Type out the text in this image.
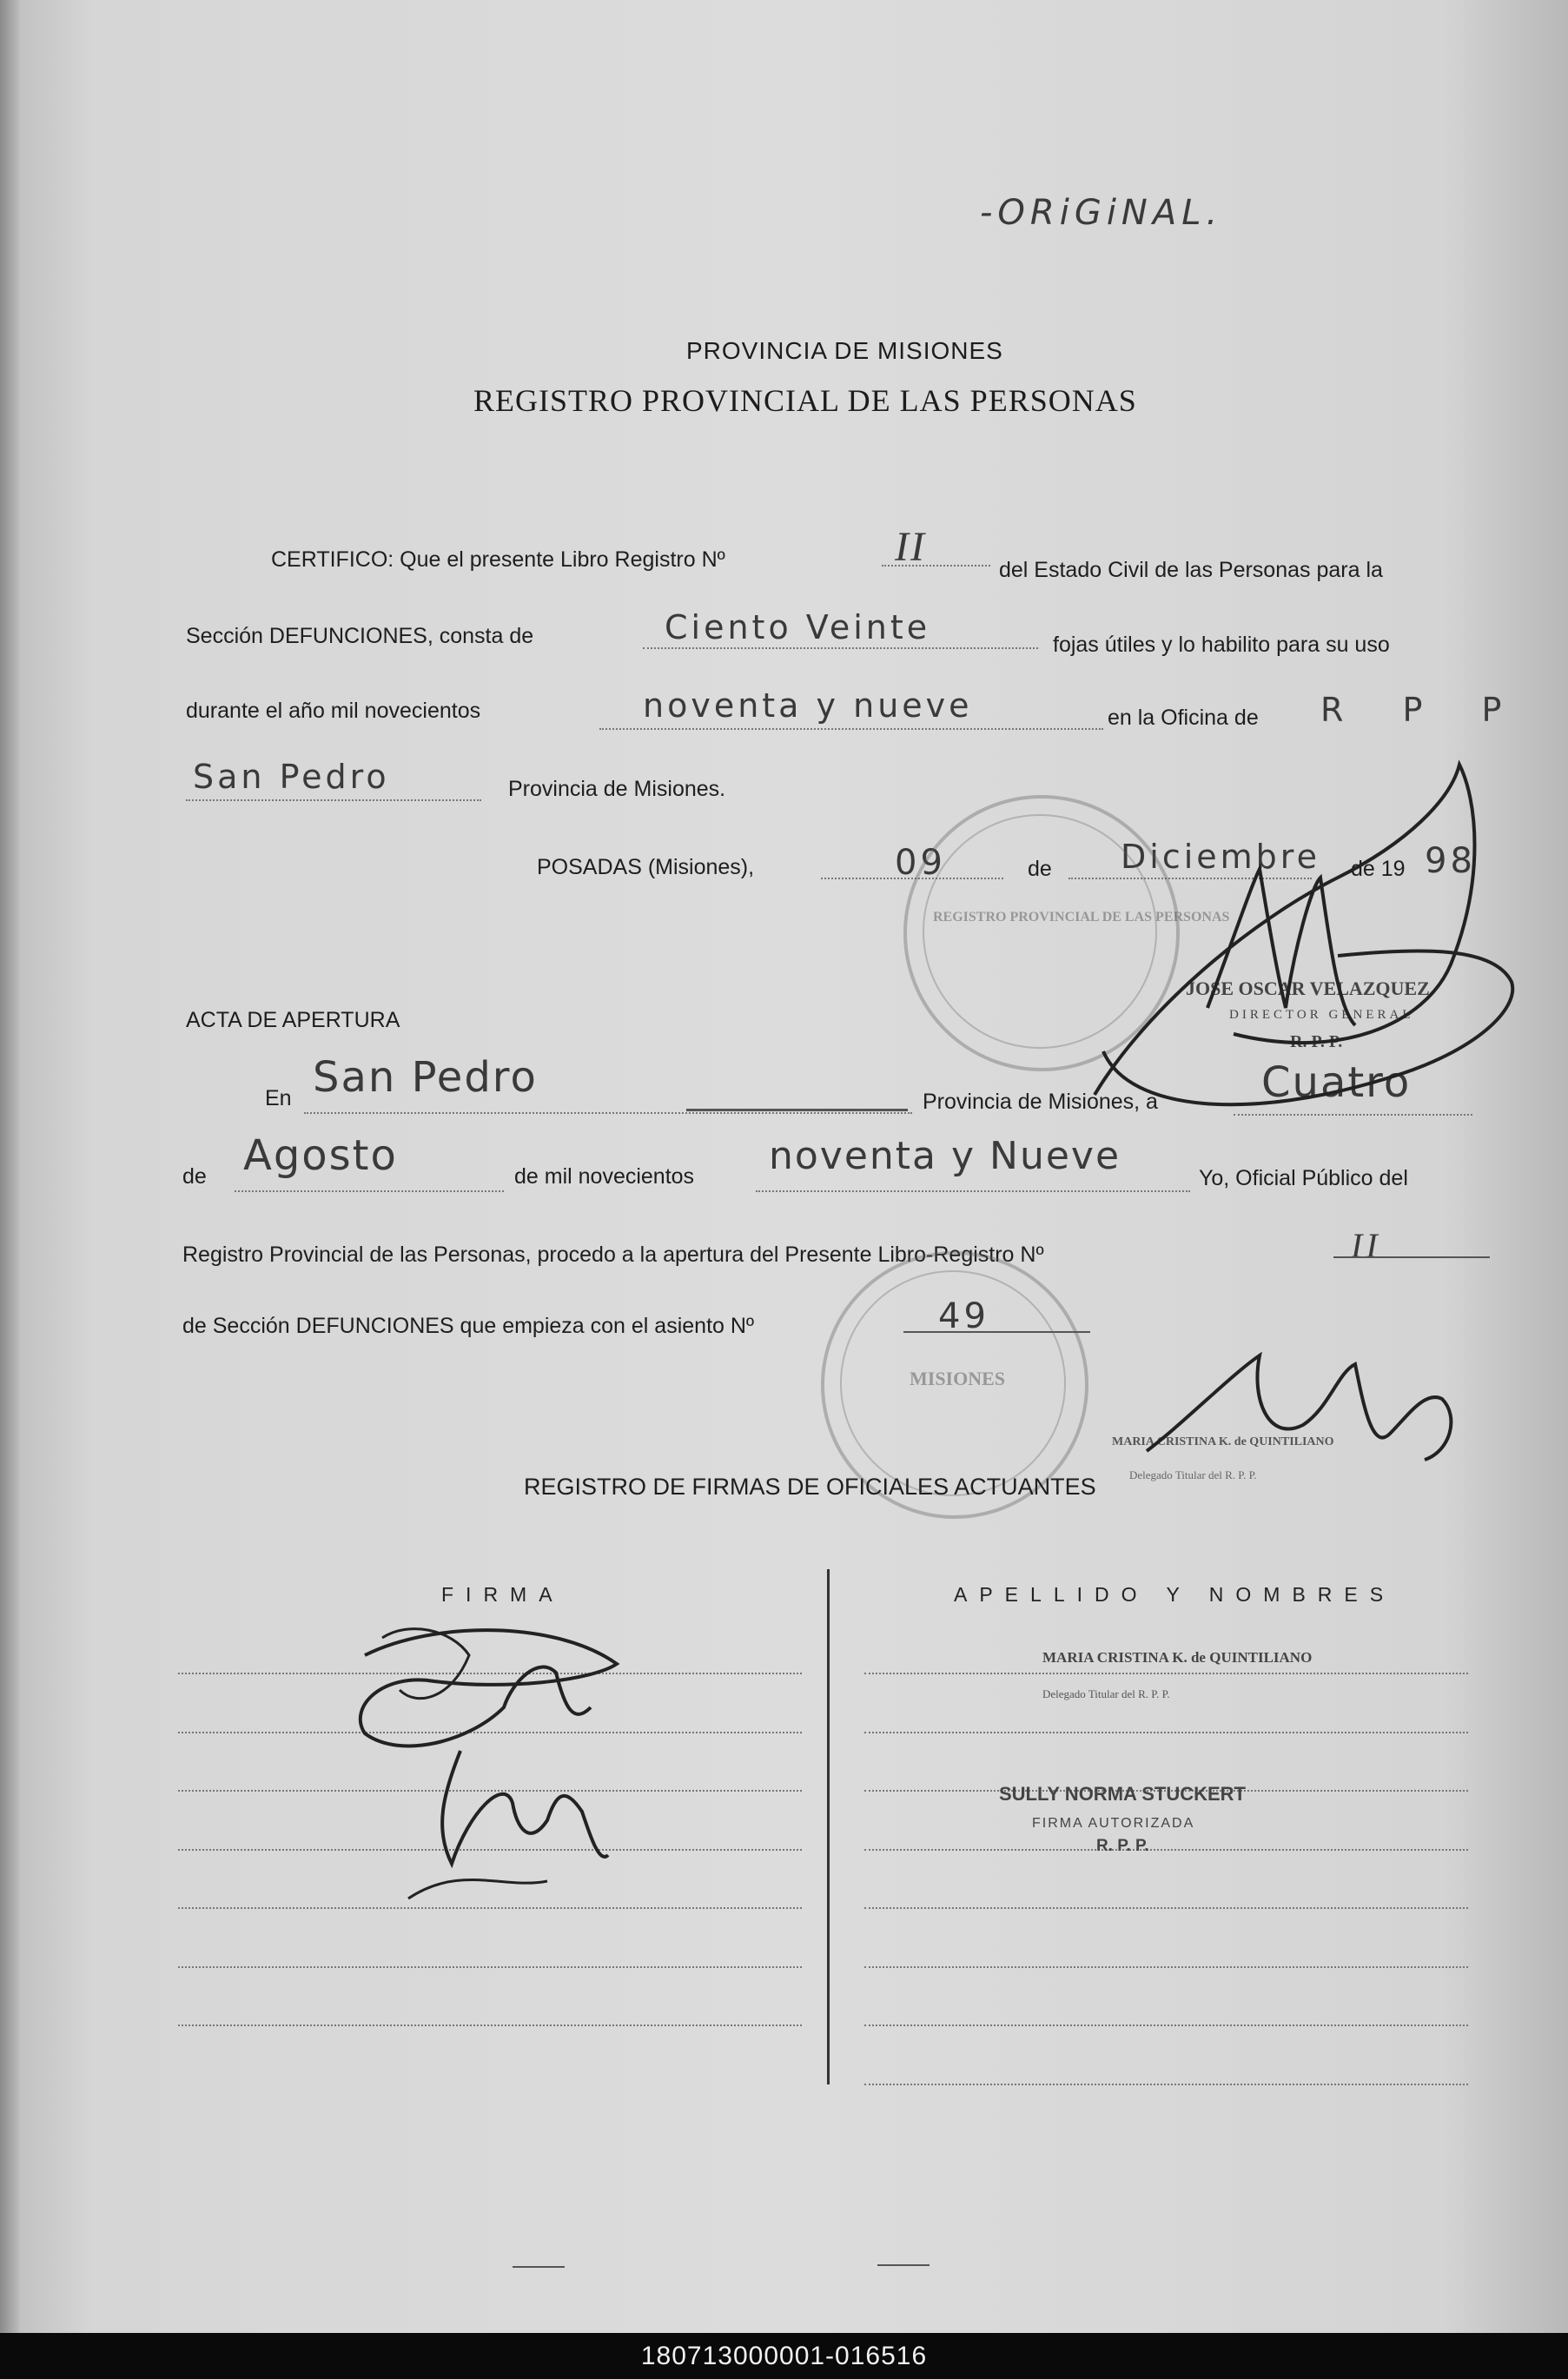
-ORiGiNAL.
PROVINCIA DE MISIONES
REGISTRO PROVINCIAL DE LAS PERSONAS
CERTIFICO: Que el presente Libro Registro Nº	II	del Estado Civil de las Personas para la
Sección DEFUNCIONES, consta de	Ciento Veinte	fojas útiles y lo habilito para su uso
durante el año mil novecientos	noventa y nueve	en la Oficina de R P P
San Pedro	Provincia de Misiones.
POSADAS (Misiones),	09	de Diciembre de 19 98
ACTA DE APERTURA
En San Pedro	Provincia de Misiones, a Cuatro
de Agosto	de mil novecientos noventa y Nueve	Yo, Oficial Público del
Registro Provincial de las Personas, procedo a la apertura del Presente Libro-Registro Nº	II
de Sección DEFUNCIONES que empieza con el asiento Nº	49
REGISTRO PROVINCIAL DE LAS PERSONAS
MISIONES
JOSE OSCAR VELAZQUEZ
DIRECTOR GENERAL
R. P. P.
MARIA CRISTINA K. de QUINTILIANO
Delegado Titular del R. P. P.
REGISTRO DE FIRMAS DE OFICIALES ACTUANTES
FIRMA	APELLIDO Y NOMBRES
MARIA CRISTINA K. de QUINTILIANO
Delegado Titular del R. P. P.
SULLY NORMA STUCKERT
FIRMA AUTORIZADA
R. P. P.
180713000001-016516
